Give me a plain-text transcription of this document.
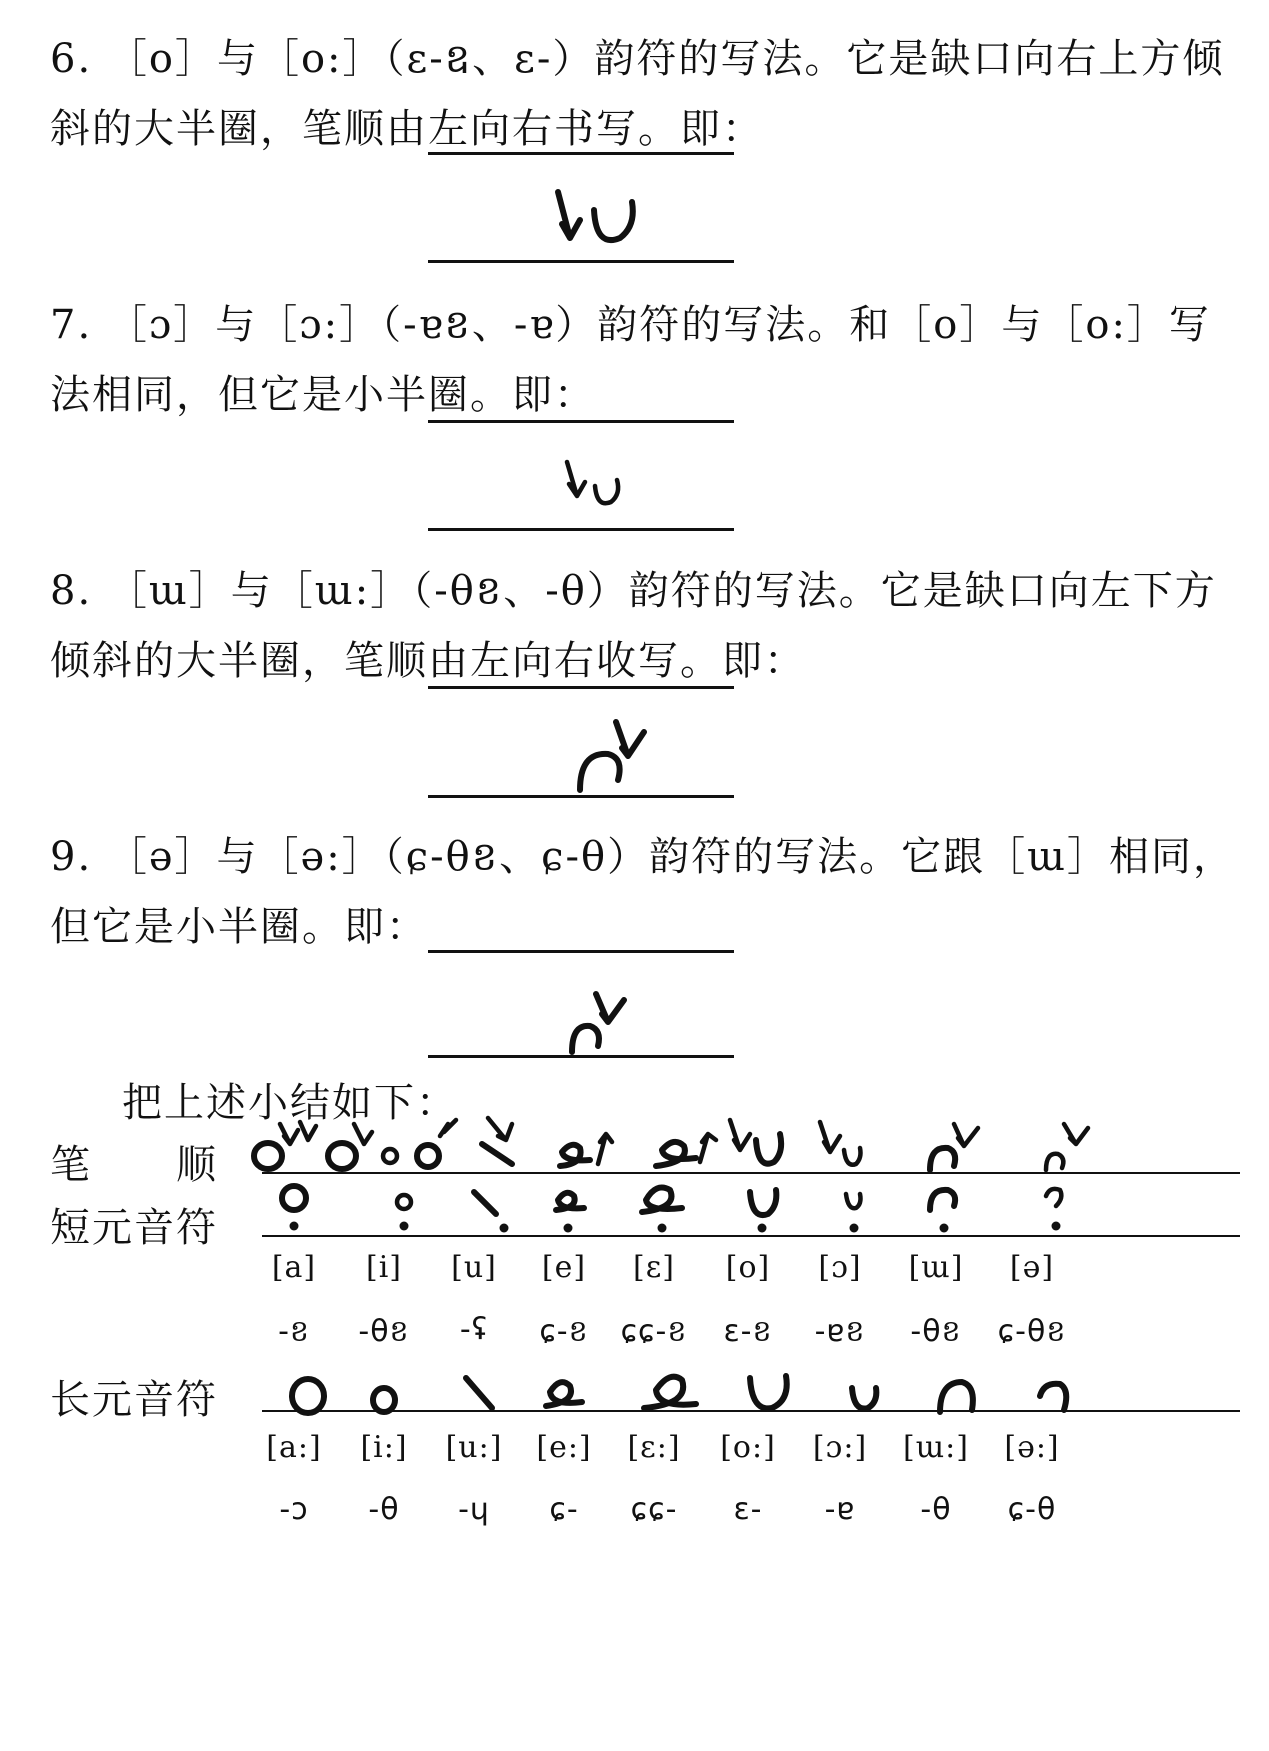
6. ［o］与［o:］（ɛ-ឧ、ɛ-）韵符的写法。它是缺口向右上方倾斜的大半圈，笔顺由左向右书写。即：
7. ［ɔ］与［ɔ:］（-ɐខ、-ɐ）韵符的写法。和［o］与［o:］写法相同，但它是小半圈。即：
8. ［ɯ］与［ɯ:］（-θខ、-θ）韵符的写法。它是缺口向左下方倾斜的大半圈，笔顺由左向右收写。即：
9. ［ə］与［ə:］（ɕ-θខ、ɕ-θ）韵符的写法。它跟［ɯ］相同，但它是小半圈。即：
把上述小结如下：
笔　　顺
短元音符
长元音符
[a]	[i]	[u]	[e]	[ɛ]	[o]	[ɔ]	[ɯ]	[ə]
-ខ	-θខ	-ʢ	ɕ-ខ	ɕɕ-ខ	ɛ-ខ	-ɐខ	-θខ	ɕ-θខ
[a:]	[i:]	[u:]	[e:]	[ɛ:]	[o:]	[ɔ:]	[ɯ:]	[ə:]
-ɔ	-θ	-ɥ	ɕ-	ɕɕ-	ɛ-	-ɐ	-θ	ɕ-θ
